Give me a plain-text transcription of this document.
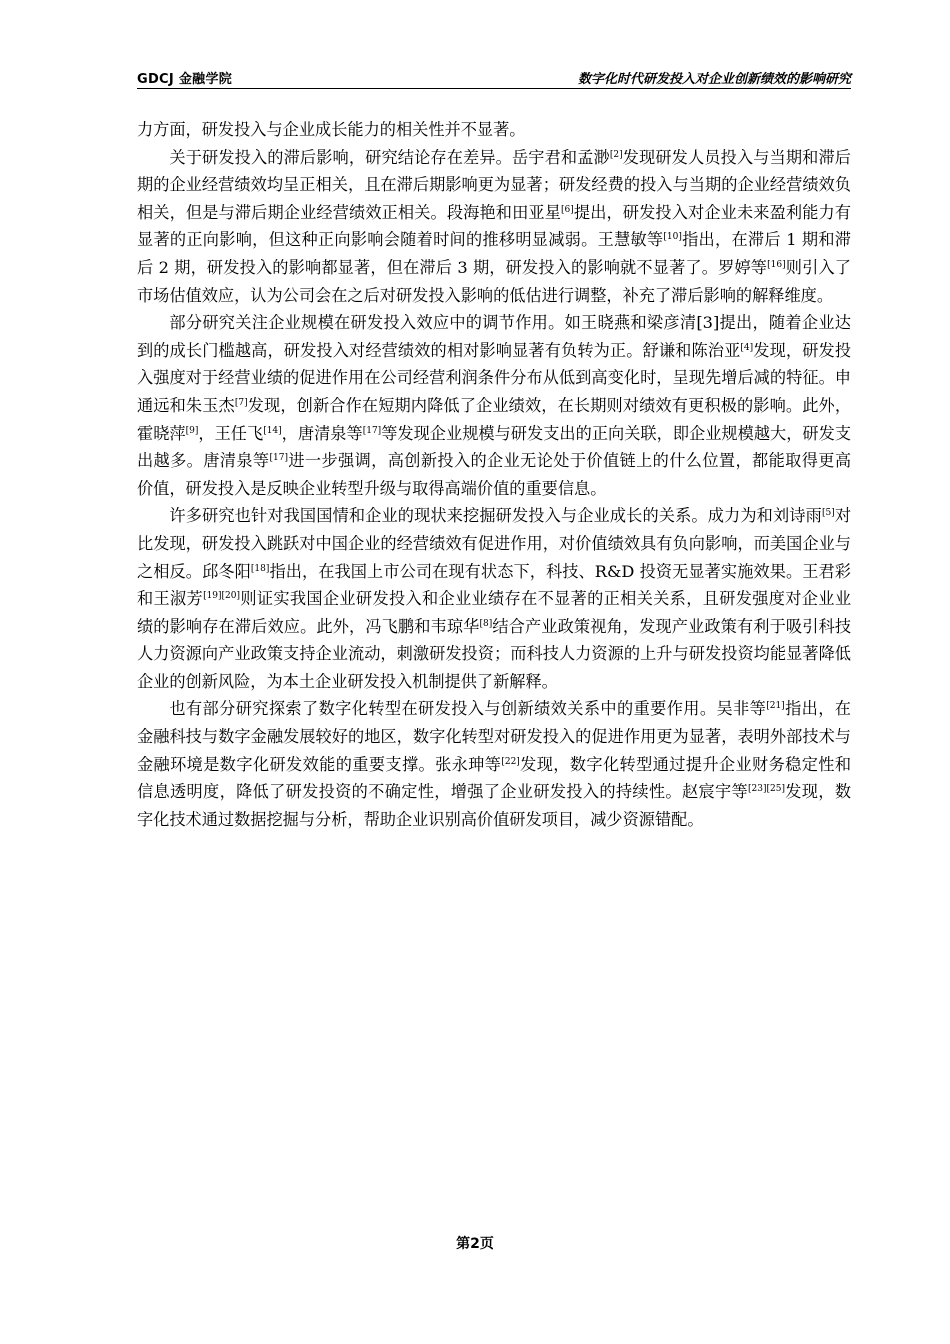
GDCJ 金融学院	数字化时代研发投入对企业创新绩效的影响研究

力方面，研发投入与企业成长能力的相关性并不显著。

关于研发投入的滞后影响，研究结论存在差异。岳宇君和孟渺[2]发现研发人员投入与当期和滞后期的企业经营绩效均呈正相关，且在滞后期影响更为显著；研发经费的投入与当期的企业经营绩效负相关，但是与滞后期企业经营绩效正相关。段海艳和田亚星[6]提出，研发投入对企业未来盈利能力有显著的正向影响，但这种正向影响会随着时间的推移明显减弱。王慧敏等[10]指出，在滞后 1 期和滞后 2 期，研发投入的影响都显著，但在滞后 3 期，研发投入的影响就不显著了。罗婷等[16]则引入了市场估值效应，认为公司会在之后对研发投入影响的低估进行调整，补充了滞后影响的解释维度。

部分研究关注企业规模在研发投入效应中的调节作用。如王晓燕和梁彦清[3]提出，随着企业达到的成长门槛越高，研发投入对经营绩效的相对影响显著有负转为正。舒谦和陈治亚[4]发现，研发投入强度对于经营业绩的促进作用在公司经营利润条件分布从低到高变化时，呈现先增后减的特征。申通远和朱玉杰[7]发现，创新合作在短期内降低了企业绩效，在长期则对绩效有更积极的影响。此外，霍晓萍[9]，王任飞[14]，唐清泉等[17]等发现企业规模与研发支出的正向关联，即企业规模越大，研发支出越多。唐清泉等[17]进一步强调，高创新投入的企业无论处于价值链上的什么位置，都能取得更高价值，研发投入是反映企业转型升级与取得高端价值的重要信息。

许多研究也针对我国国情和企业的现状来挖掘研发投入与企业成长的关系。成力为和刘诗雨[5]对比发现，研发投入跳跃对中国企业的经营绩效有促进作用，对价值绩效具有负向影响，而美国企业与之相反。邱冬阳[18]指出，在我国上市公司在现有状态下，科技、R&D 投资无显著实施效果。王君彩和王淑芳[19][20]则证实我国企业研发投入和企业业绩存在不显著的正相关关系，且研发强度对企业业绩的影响存在滞后效应。此外，冯飞鹏和韦琼华[8]结合产业政策视角，发现产业政策有利于吸引科技人力资源向产业政策支持企业流动，刺激研发投资；而科技人力资源的上升与研发投资均能显著降低企业的创新风险，为本土企业研发投入机制提供了新解释。

也有部分研究探索了数字化转型在研发投入与创新绩效关系中的重要作用。吴非等[21]指出，在金融科技与数字金融发展较好的地区，数字化转型对研发投入的促进作用更为显著，表明外部技术与金融环境是数字化研发效能的重要支撑。张永珅等[22]发现，数字化转型通过提升企业财务稳定性和信息透明度，降低了研发投资的不确定性，增强了企业研发投入的持续性。赵宸宇等[23][25]发现，数字化技术通过数据挖掘与分析，帮助企业识别高价值研发项目，减少资源错配。

第2页
